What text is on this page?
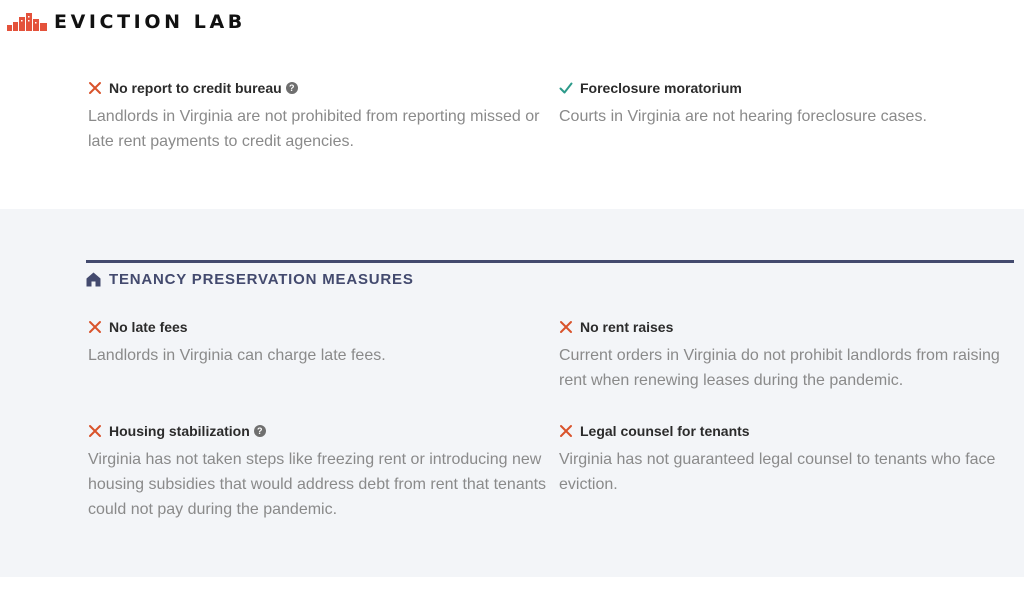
EVICTION LAB
No report to credit bureau ?
Landlords in Virginia are not prohibited from reporting missed or late rent payments to credit agencies.
Foreclosure moratorium
Courts in Virginia are not hearing foreclosure cases.
TENANCY PRESERVATION MEASURES
No late fees
Landlords in Virginia can charge late fees.
No rent raises
Current orders in Virginia do not prohibit landlords from raising rent when renewing leases during the pandemic.
Housing stabilization ?
Virginia has not taken steps like freezing rent or introducing new housing subsidies that would address debt from rent that tenants could not pay during the pandemic.
Legal counsel for tenants
Virginia has not guaranteed legal counsel to tenants who face eviction.
